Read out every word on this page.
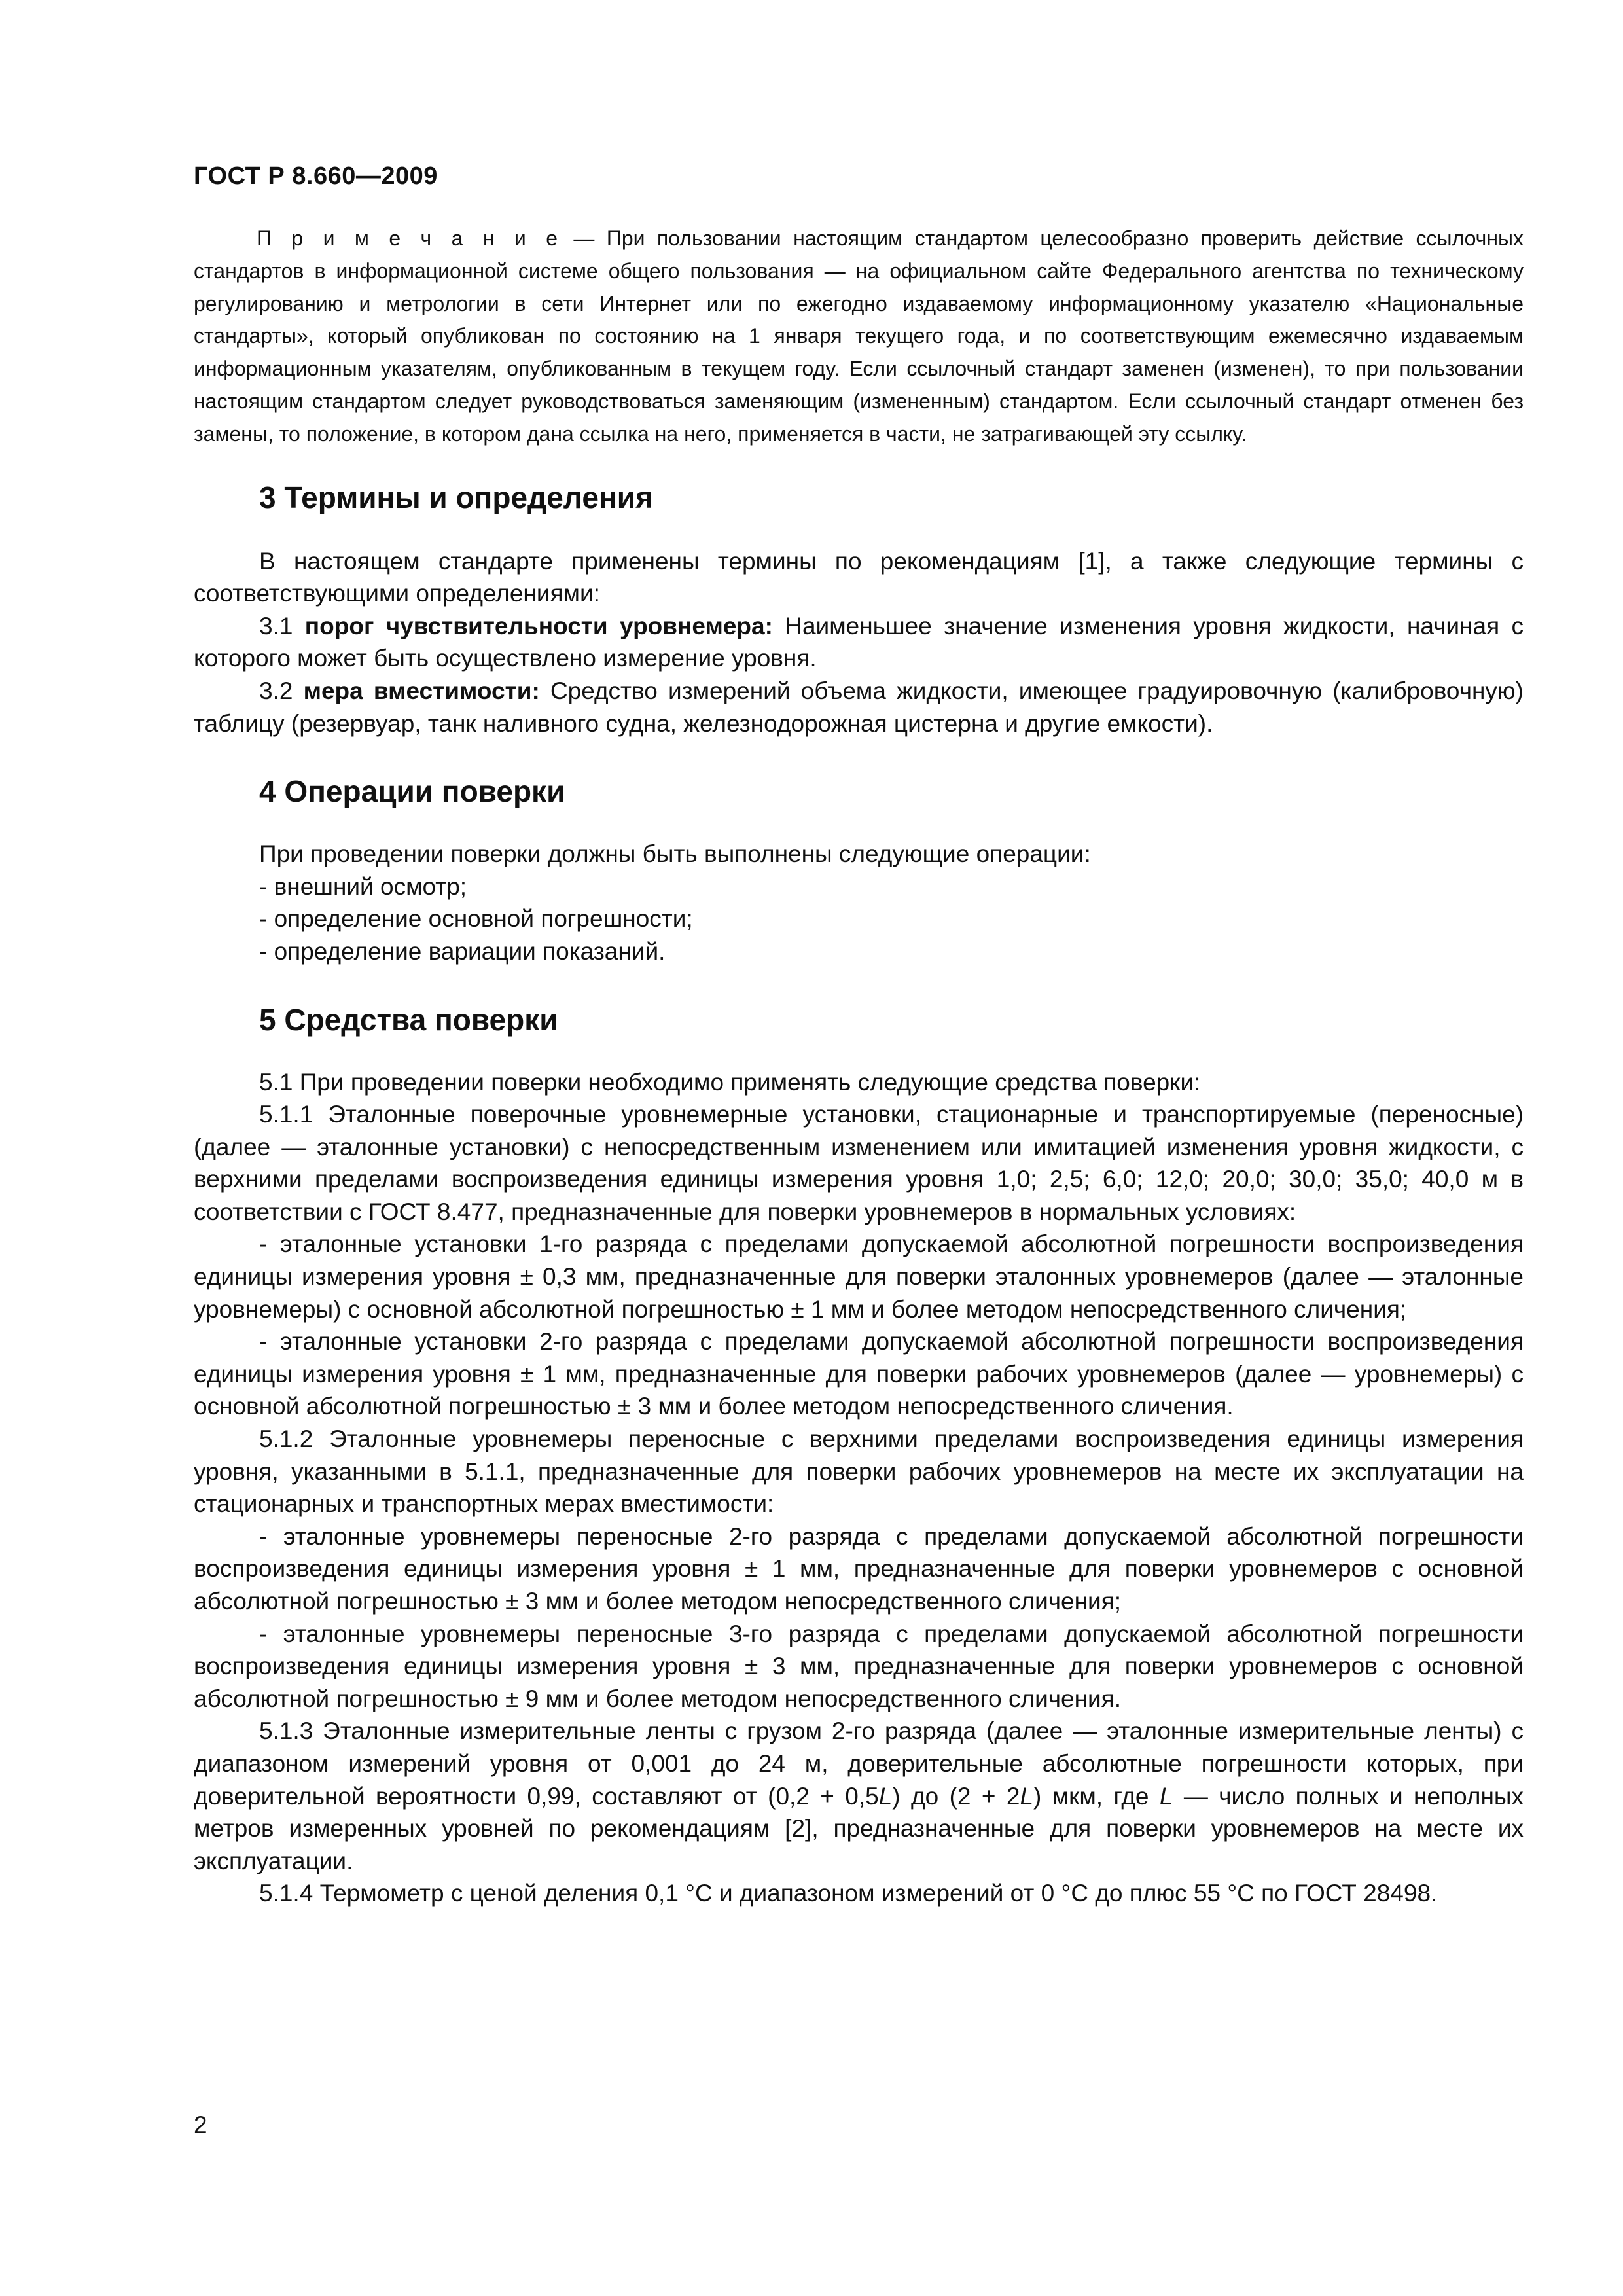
ГОСТ Р 8.660—2009

П р и м е ч а н и е — При пользовании настоящим стандартом целесообразно проверить действие ссылочных стандартов в информационной системе общего пользования — на официальном сайте Федерального агентства по техническому регулированию и метрологии в сети Интернет или по ежегодно издаваемому информационному указателю «Национальные стандарты», который опубликован по состоянию на 1 января текущего года, и по соответствующим ежемесячно издаваемым информационным указателям, опубликованным в текущем году. Если ссылочный стандарт заменен (изменен), то при пользовании настоящим стандартом следует руководствоваться заменяющим (измененным) стандартом. Если ссылочный стандарт отменен без замены, то положение, в котором дана ссылка на него, применяется в части, не затрагивающей эту ссылку.

3 Термины и определения

В настоящем стандарте применены термины по рекомендациям [1], а также следующие термины с соответствующими определениями:

3.1 порог чувствительности уровнемера: Наименьшее значение изменения уровня жидкости, начиная с которого может быть осуществлено измерение уровня.

3.2 мера вместимости: Средство измерений объема жидкости, имеющее градуировочную (калибровочную) таблицу (резервуар, танк наливного судна, железнодорожная цистерна и другие емкости).

4 Операции поверки

При проведении поверки должны быть выполнены следующие операции:

- внешний осмотр;

- определение основной погрешности;

- определение вариации показаний.

5 Средства поверки

5.1 При проведении поверки необходимо применять следующие средства поверки:

5.1.1 Эталонные поверочные уровнемерные установки, стационарные и транспортируемые (переносные) (далее — эталонные установки) с непосредственным изменением или имитацией изменения уровня жидкости, с верхними пределами воспроизведения единицы измерения уровня 1,0; 2,5; 6,0; 12,0; 20,0; 30,0; 35,0; 40,0 м в соответствии с ГОСТ 8.477, предназначенные для поверки уровнемеров в нормальных условиях:

- эталонные установки 1-го разряда с пределами допускаемой абсолютной погрешности воспроизведения единицы измерения уровня ± 0,3 мм, предназначенные для поверки эталонных уровнемеров (далее — эталонные уровнемеры) с основной абсолютной погрешностью ± 1 мм и более методом непосредственного сличения;

- эталонные установки 2-го разряда с пределами допускаемой абсолютной погрешности воспроизведения единицы измерения уровня ± 1 мм, предназначенные для поверки рабочих уровнемеров (далее — уровнемеры) с основной абсолютной погрешностью ± 3 мм и более методом непосредственного сличения.

5.1.2 Эталонные уровнемеры переносные с верхними пределами воспроизведения единицы измерения уровня, указанными в 5.1.1, предназначенные для поверки рабочих уровнемеров на месте их эксплуатации на стационарных и транспортных мерах вместимости:

- эталонные уровнемеры переносные 2-го разряда с пределами допускаемой абсолютной погрешности воспроизведения единицы измерения уровня ± 1 мм, предназначенные для поверки уровнемеров с основной абсолютной погрешностью ± 3 мм и более методом непосредственного сличения;

- эталонные уровнемеры переносные 3-го разряда с пределами допускаемой абсолютной погрешности воспроизведения единицы измерения уровня ± 3 мм, предназначенные для поверки уровнемеров с основной абсолютной погрешностью ± 9 мм и более методом непосредственного сличения.

5.1.3 Эталонные измерительные ленты с грузом 2-го разряда (далее — эталонные измерительные ленты) с диапазоном измерений уровня от 0,001 до 24 м, доверительные абсолютные погрешности которых, при доверительной вероятности 0,99, составляют от (0,2 + 0,5L) до (2 + 2L) мкм, где L — число полных и неполных метров измеренных уровней по рекомендациям [2], предназначенные для поверки уровнемеров на месте их эксплуатации.

5.1.4 Термометр с ценой деления 0,1 °С и диапазоном измерений от 0 °С до плюс 55 °С по ГОСТ 28498.

2
